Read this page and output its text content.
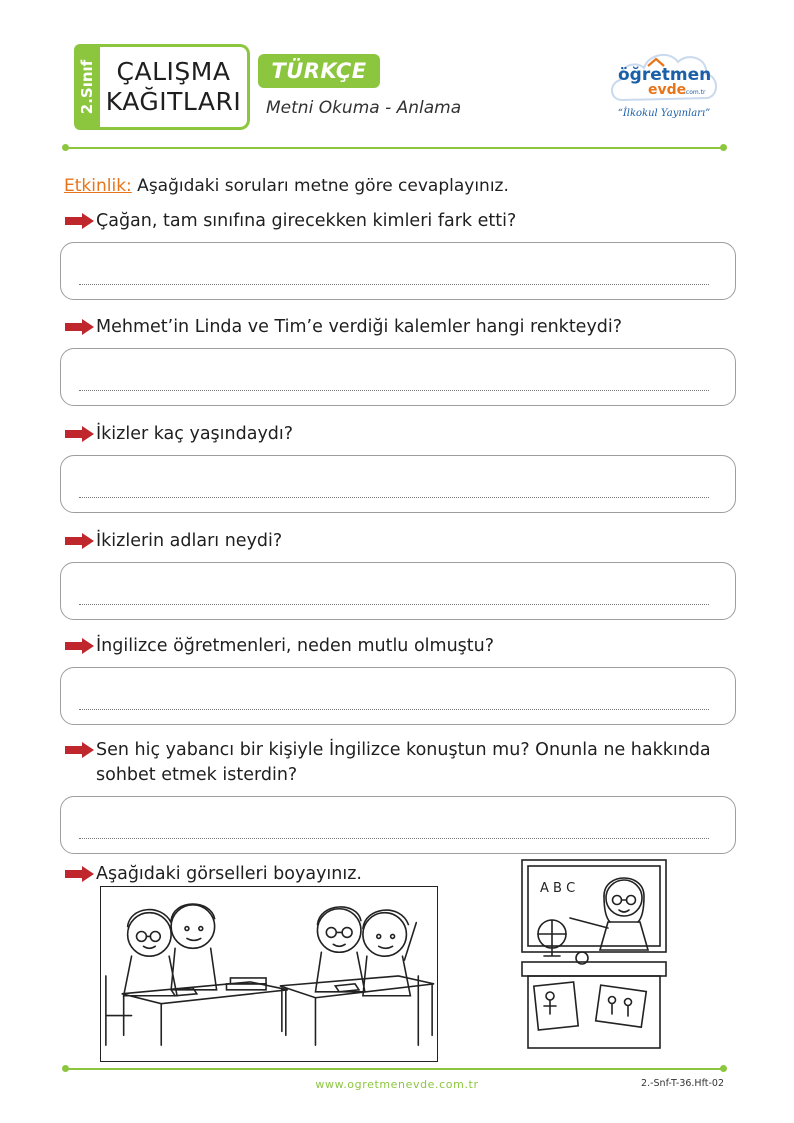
2.Sınıf ÇALIŞMA
KAĞITLARI
TÜRKÇE
Metni Okuma - Anlama
öğretmen
evde
.com.tr
“İlkokul Yayınları”
Etkinlik: Aşağıdaki soruları metne göre cevaplayınız.
Çağan, tam sınıfına girecekken kimleri fark etti?
Mehmet’in Linda ve Tim’e verdiği kalemler hangi renkteydi?
İkizler kaç yaşındaydı?
İkizlerin adları neydi?
İngilizce öğretmenleri, neden mutlu olmuştu?
Sen hiç yabancı bir kişiyle İngilizce konuştun mu? Onunla ne hakkında sohbet etmek isterdin?
Aşağıdaki görselleri boyayınız.
A B C
www.ogretmenevde.com.tr	2.-Snf-T-36.Hft-02
